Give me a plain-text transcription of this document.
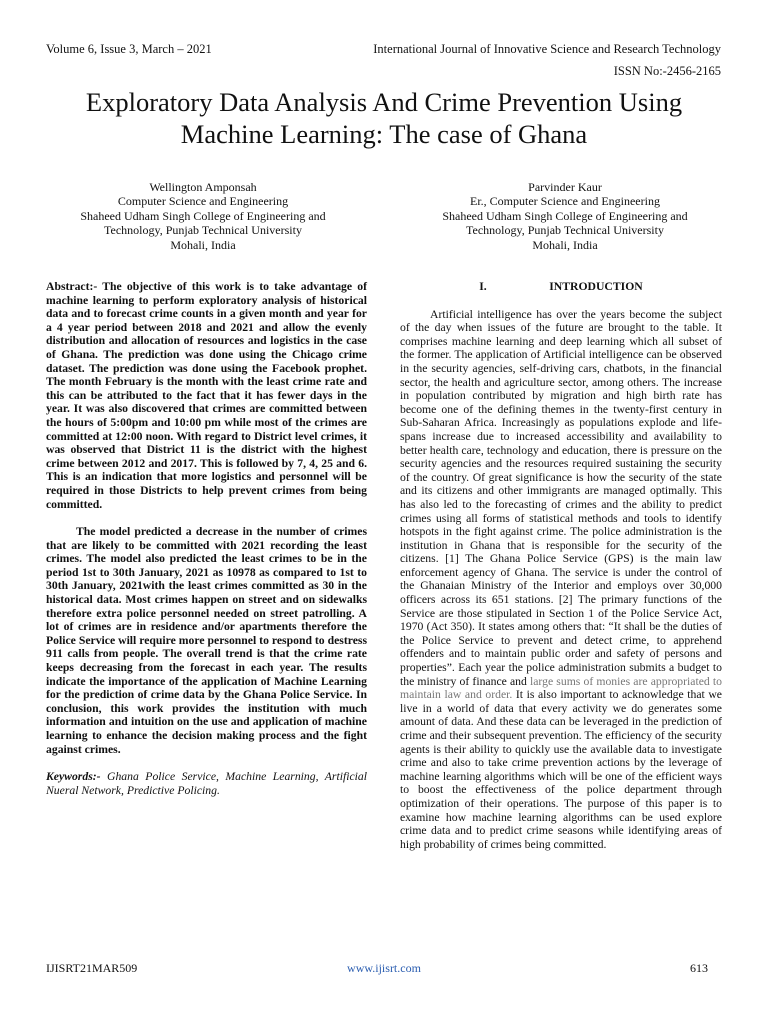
Volume 6, Issue 3, March – 2021	International Journal of Innovative Science and Research Technology
ISSN No:-2456-2165
Exploratory Data Analysis And Crime Prevention Using Machine Learning: The case of Ghana
Wellington Amponsah
Computer Science and Engineering
Shaheed Udham Singh College of Engineering and
Technology, Punjab Technical University
Mohali, India
Parvinder Kaur
Er., Computer Science and Engineering
Shaheed Udham Singh College of Engineering and
Technology, Punjab Technical University
Mohali, India

Abstract:- The objective of this work is to take advantage of machine learning to perform exploratory analysis of historical data and to forecast crime counts in a given month and year for a 4 year period between 2018 and 2021 and allow the evenly distribution and allocation of resources and logistics in the case of Ghana. The prediction was done using the Chicago crime dataset. The prediction was done using the Facebook prophet. The month February is the month with the least crime rate and this can be attributed to the fact that it has fewer days in the year. It was also discovered that crimes are committed between the hours of 5:00pm and 10:00 pm while most of the crimes are committed at 12:00 noon. With regard to District level crimes, it was observed that District 11 is the district with the highest crime between 2012 and 2017. This is followed by 7, 4, 25 and 6. This is an indication that more logistics and personnel will be required in those Districts to help prevent crimes from being committed.

The model predicted a decrease in the number of crimes that are likely to be committed with 2021 recording the least crimes. The model also predicted the least crimes to be in the period 1st to 30th January, 2021 as 10978 as compared to 1st to 30th January, 2021with the least crimes committed as 30 in the historical data. Most crimes happen on street and on sidewalks therefore extra police personnel needed on street patrolling. A lot of crimes are in residence and/or apartments therefore the Police Service will require more personnel to respond to destress 911 calls from people. The overall trend is that the crime rate keeps decreasing from the forecast in each year. The results indicate the importance of the application of Machine Learning for the prediction of crime data by the Ghana Police Service. In conclusion, this work provides the institution with much information and intuition on the use and application of machine learning to enhance the decision making process and the fight against crimes.

Keywords:- Ghana Police Service, Machine Learning, Artificial Nueral Network, Predictive Policing.

I.	INTRODUCTION

Artificial intelligence has over the years become the subject of the day when issues of the future are brought to the table. It comprises machine learning and deep learning which all subset of the former. The application of Artificial intelligence can be observed in the security agencies, self-driving cars, chatbots, in the financial sector, the health and agriculture sector, among others. The increase in population contributed by migration and high birth rate has become one of the defining themes in the twenty-first century in Sub-Saharan Africa. Increasingly as populations explode and life-spans increase due to increased accessibility and availability to better health care, technology and education, there is pressure on the security agencies and the resources required sustaining the security of the country. Of great significance is how the security of the state and its citizens and other immigrants are managed optimally. This has also led to the forecasting of crimes and the ability to predict crimes using all forms of statistical methods and tools to identify hotspots in the fight against crime. The police administration is the institution in Ghana that is responsible for the security of the citizens. [1] The Ghana Police Service (GPS) is the main law enforcement agency of Ghana. The service is under the control of the Ghanaian Ministry of the Interior and employs over 30,000 officers across its 651 stations. [2] The primary functions of the Service are those stipulated in Section 1 of the Police Service Act, 1970 (Act 350). It states among others that: “It shall be the duties of the Police Service to prevent and detect crime, to apprehend offenders and to maintain public order and safety of persons and properties”. Each year the police administration submits a budget to the ministry of finance and large sums of monies are appropriated to maintain law and order. It is also important to acknowledge that we live in a world of data that every activity we do generates some amount of data. And these data can be leveraged in the prediction of crime and their subsequent prevention. The efficiency of the security agents is their ability to quickly use the available data to investigate crime and also to take crime prevention actions by the leverage of machine learning algorithms which will be one of the efficient ways to boost the effectiveness of the police department through optimization of their operations. The purpose of this paper is to examine how machine learning algorithms can be used explore crime data and to predict crime seasons while identifying areas of high probability of crimes being committed.

IJISRT21MAR509	www.ijisrt.com	613
